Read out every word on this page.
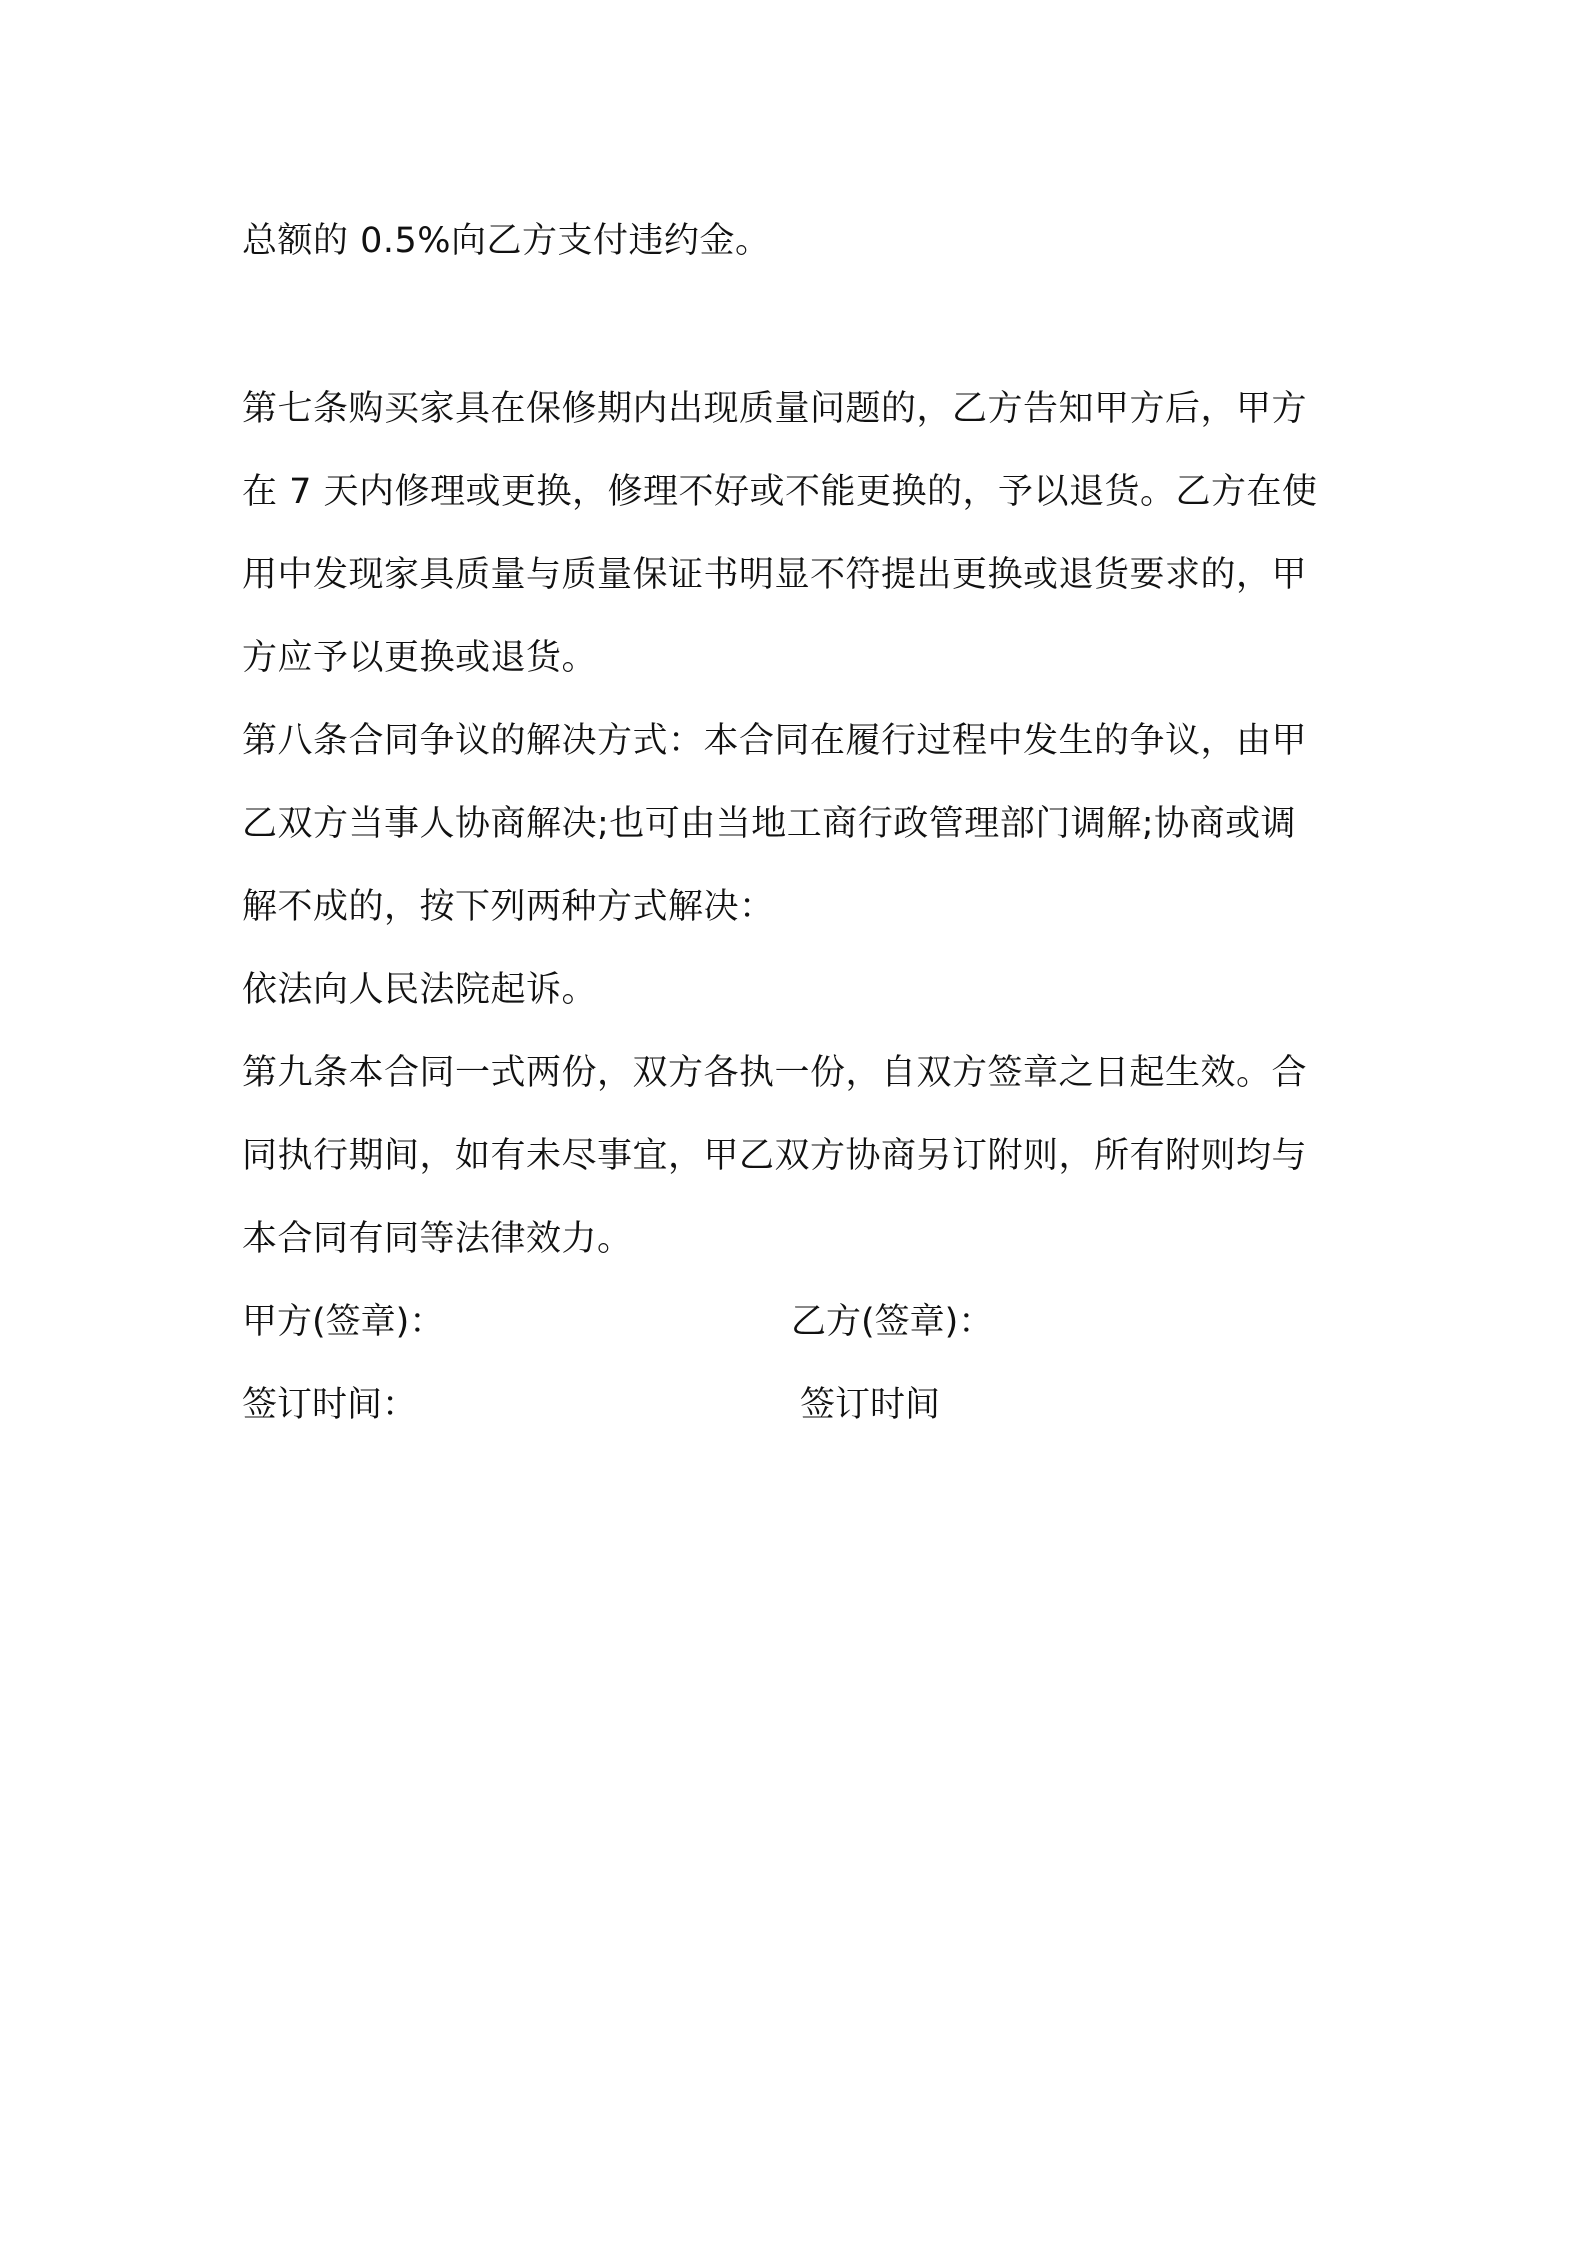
总额的 0.5%向乙方支付违约金。
第七条购买家具在保修期内出现质量问题的，乙方告知甲方后，甲方
在 7 天内修理或更换，修理不好或不能更换的，予以退货。乙方在使
用中发现家具质量与质量保证书明显不符提出更换或退货要求的，甲
方应予以更换或退货。
第八条合同争议的解决方式：本合同在履行过程中发生的争议，由甲
乙双方当事人协商解决;也可由当地工商行政管理部门调解;协商或调
解不成的，按下列两种方式解决：
依法向人民法院起诉。
第九条本合同一式两份，双方各执一份，自双方签章之日起生效。合
同执行期间，如有未尽事宜，甲乙双方协商另订附则，所有附则均与
本合同有同等法律效力。
甲方(签章)：	乙方(签章)：
签订时间：	签订时间
